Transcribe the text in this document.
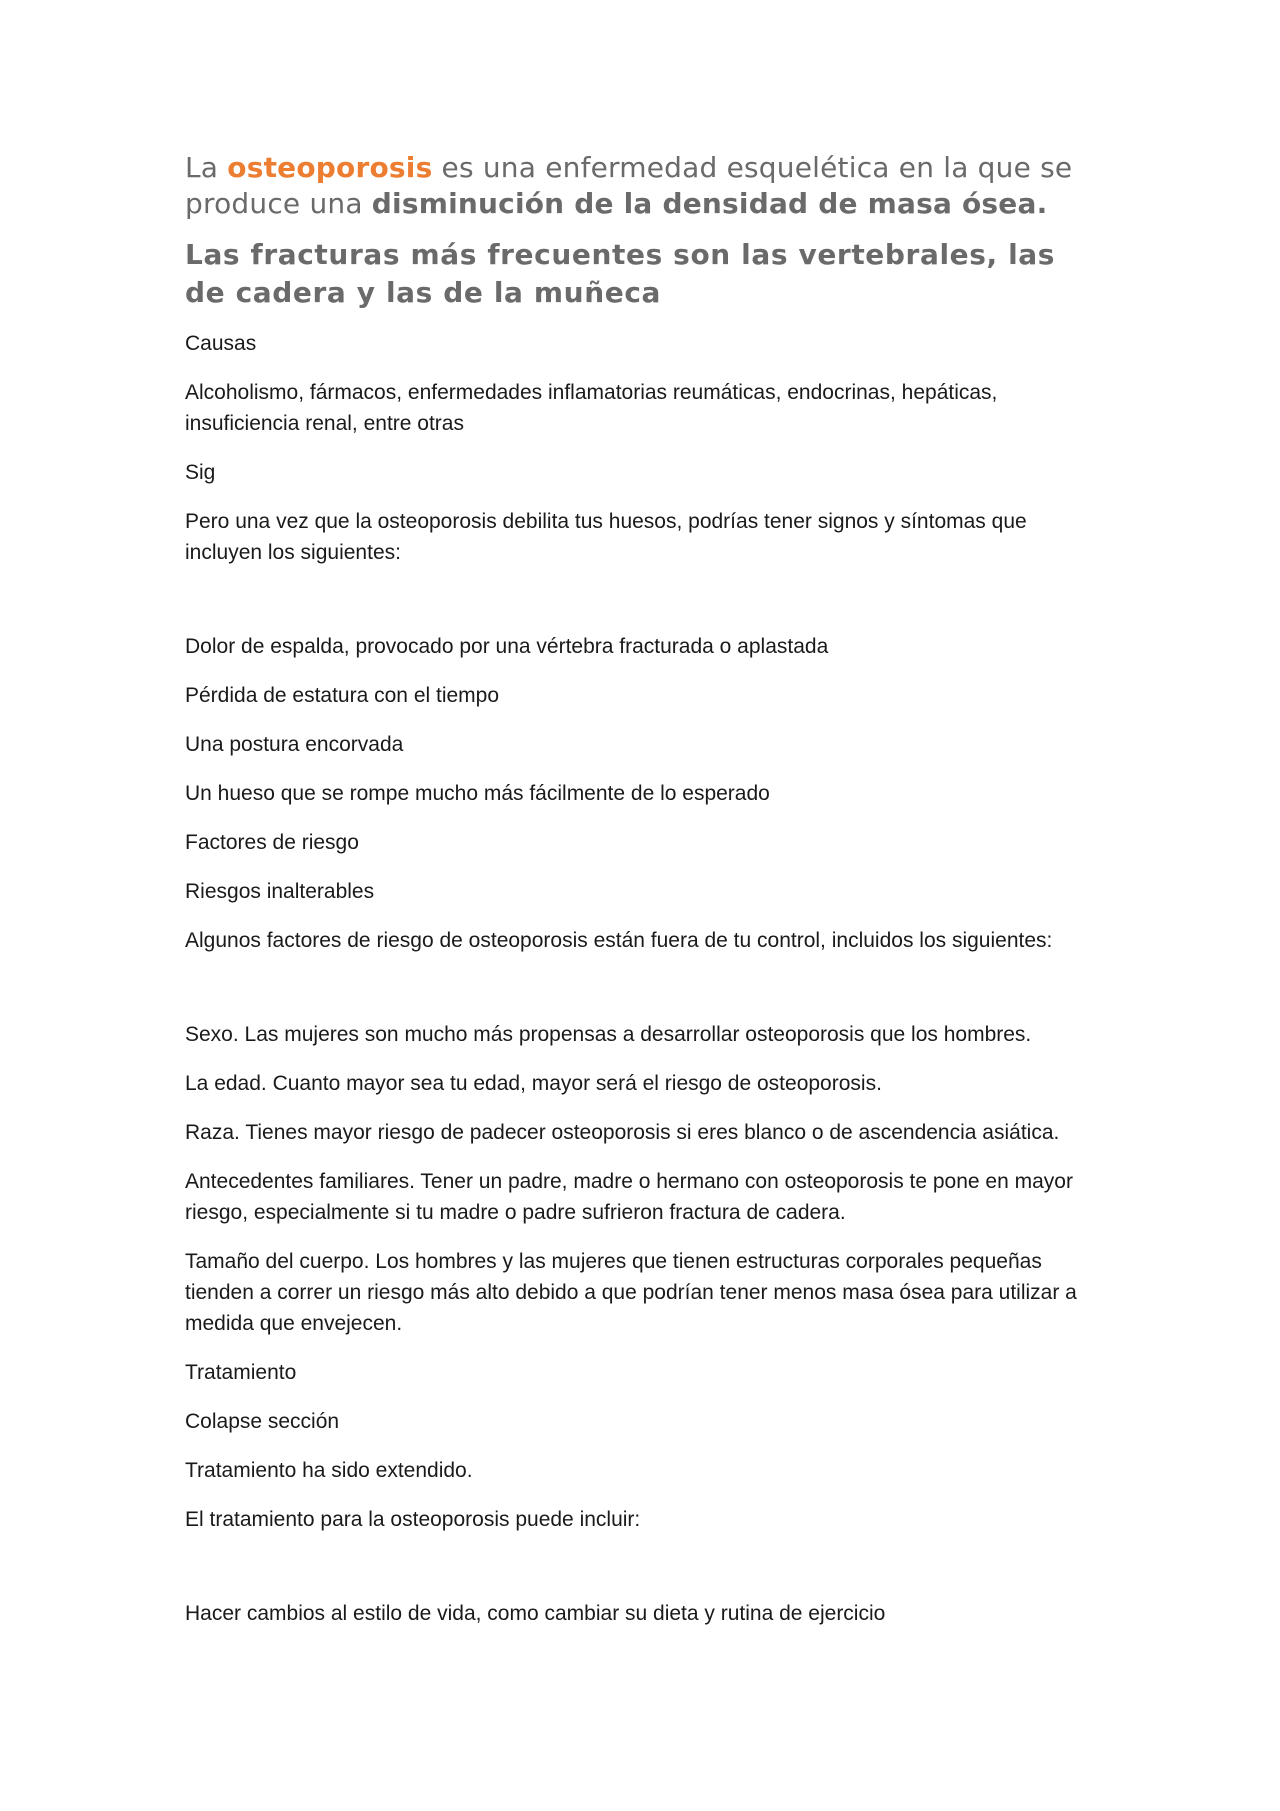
La osteoporosis es una enfermedad esquelética en la que se produce una disminución de la densidad de masa ósea.

Las fracturas más frecuentes son las vertebrales, las de cadera y las de la muñeca

Causas

Alcoholismo, fármacos, enfermedades inflamatorias reumáticas, endocrinas, hepáticas, insuficiencia renal, entre otras

Sig

Pero una vez que la osteoporosis debilita tus huesos, podrías tener signos y síntomas que incluyen los siguientes:

Dolor de espalda, provocado por una vértebra fracturada o aplastada

Pérdida de estatura con el tiempo

Una postura encorvada

Un hueso que se rompe mucho más fácilmente de lo esperado

Factores de riesgo

Riesgos inalterables

Algunos factores de riesgo de osteoporosis están fuera de tu control, incluidos los siguientes:

Sexo. Las mujeres son mucho más propensas a desarrollar osteoporosis que los hombres.

La edad. Cuanto mayor sea tu edad, mayor será el riesgo de osteoporosis.

Raza. Tienes mayor riesgo de padecer osteoporosis si eres blanco o de ascendencia asiática.

Antecedentes familiares. Tener un padre, madre o hermano con osteoporosis te pone en mayor riesgo, especialmente si tu madre o padre sufrieron fractura de cadera.

Tamaño del cuerpo. Los hombres y las mujeres que tienen estructuras corporales pequeñas tienden a correr un riesgo más alto debido a que podrían tener menos masa ósea para utilizar a medida que envejecen.

Tratamiento

Colapse sección

Tratamiento ha sido extendido.

El tratamiento para la osteoporosis puede incluir:

Hacer cambios al estilo de vida, como cambiar su dieta y rutina de ejercicio
